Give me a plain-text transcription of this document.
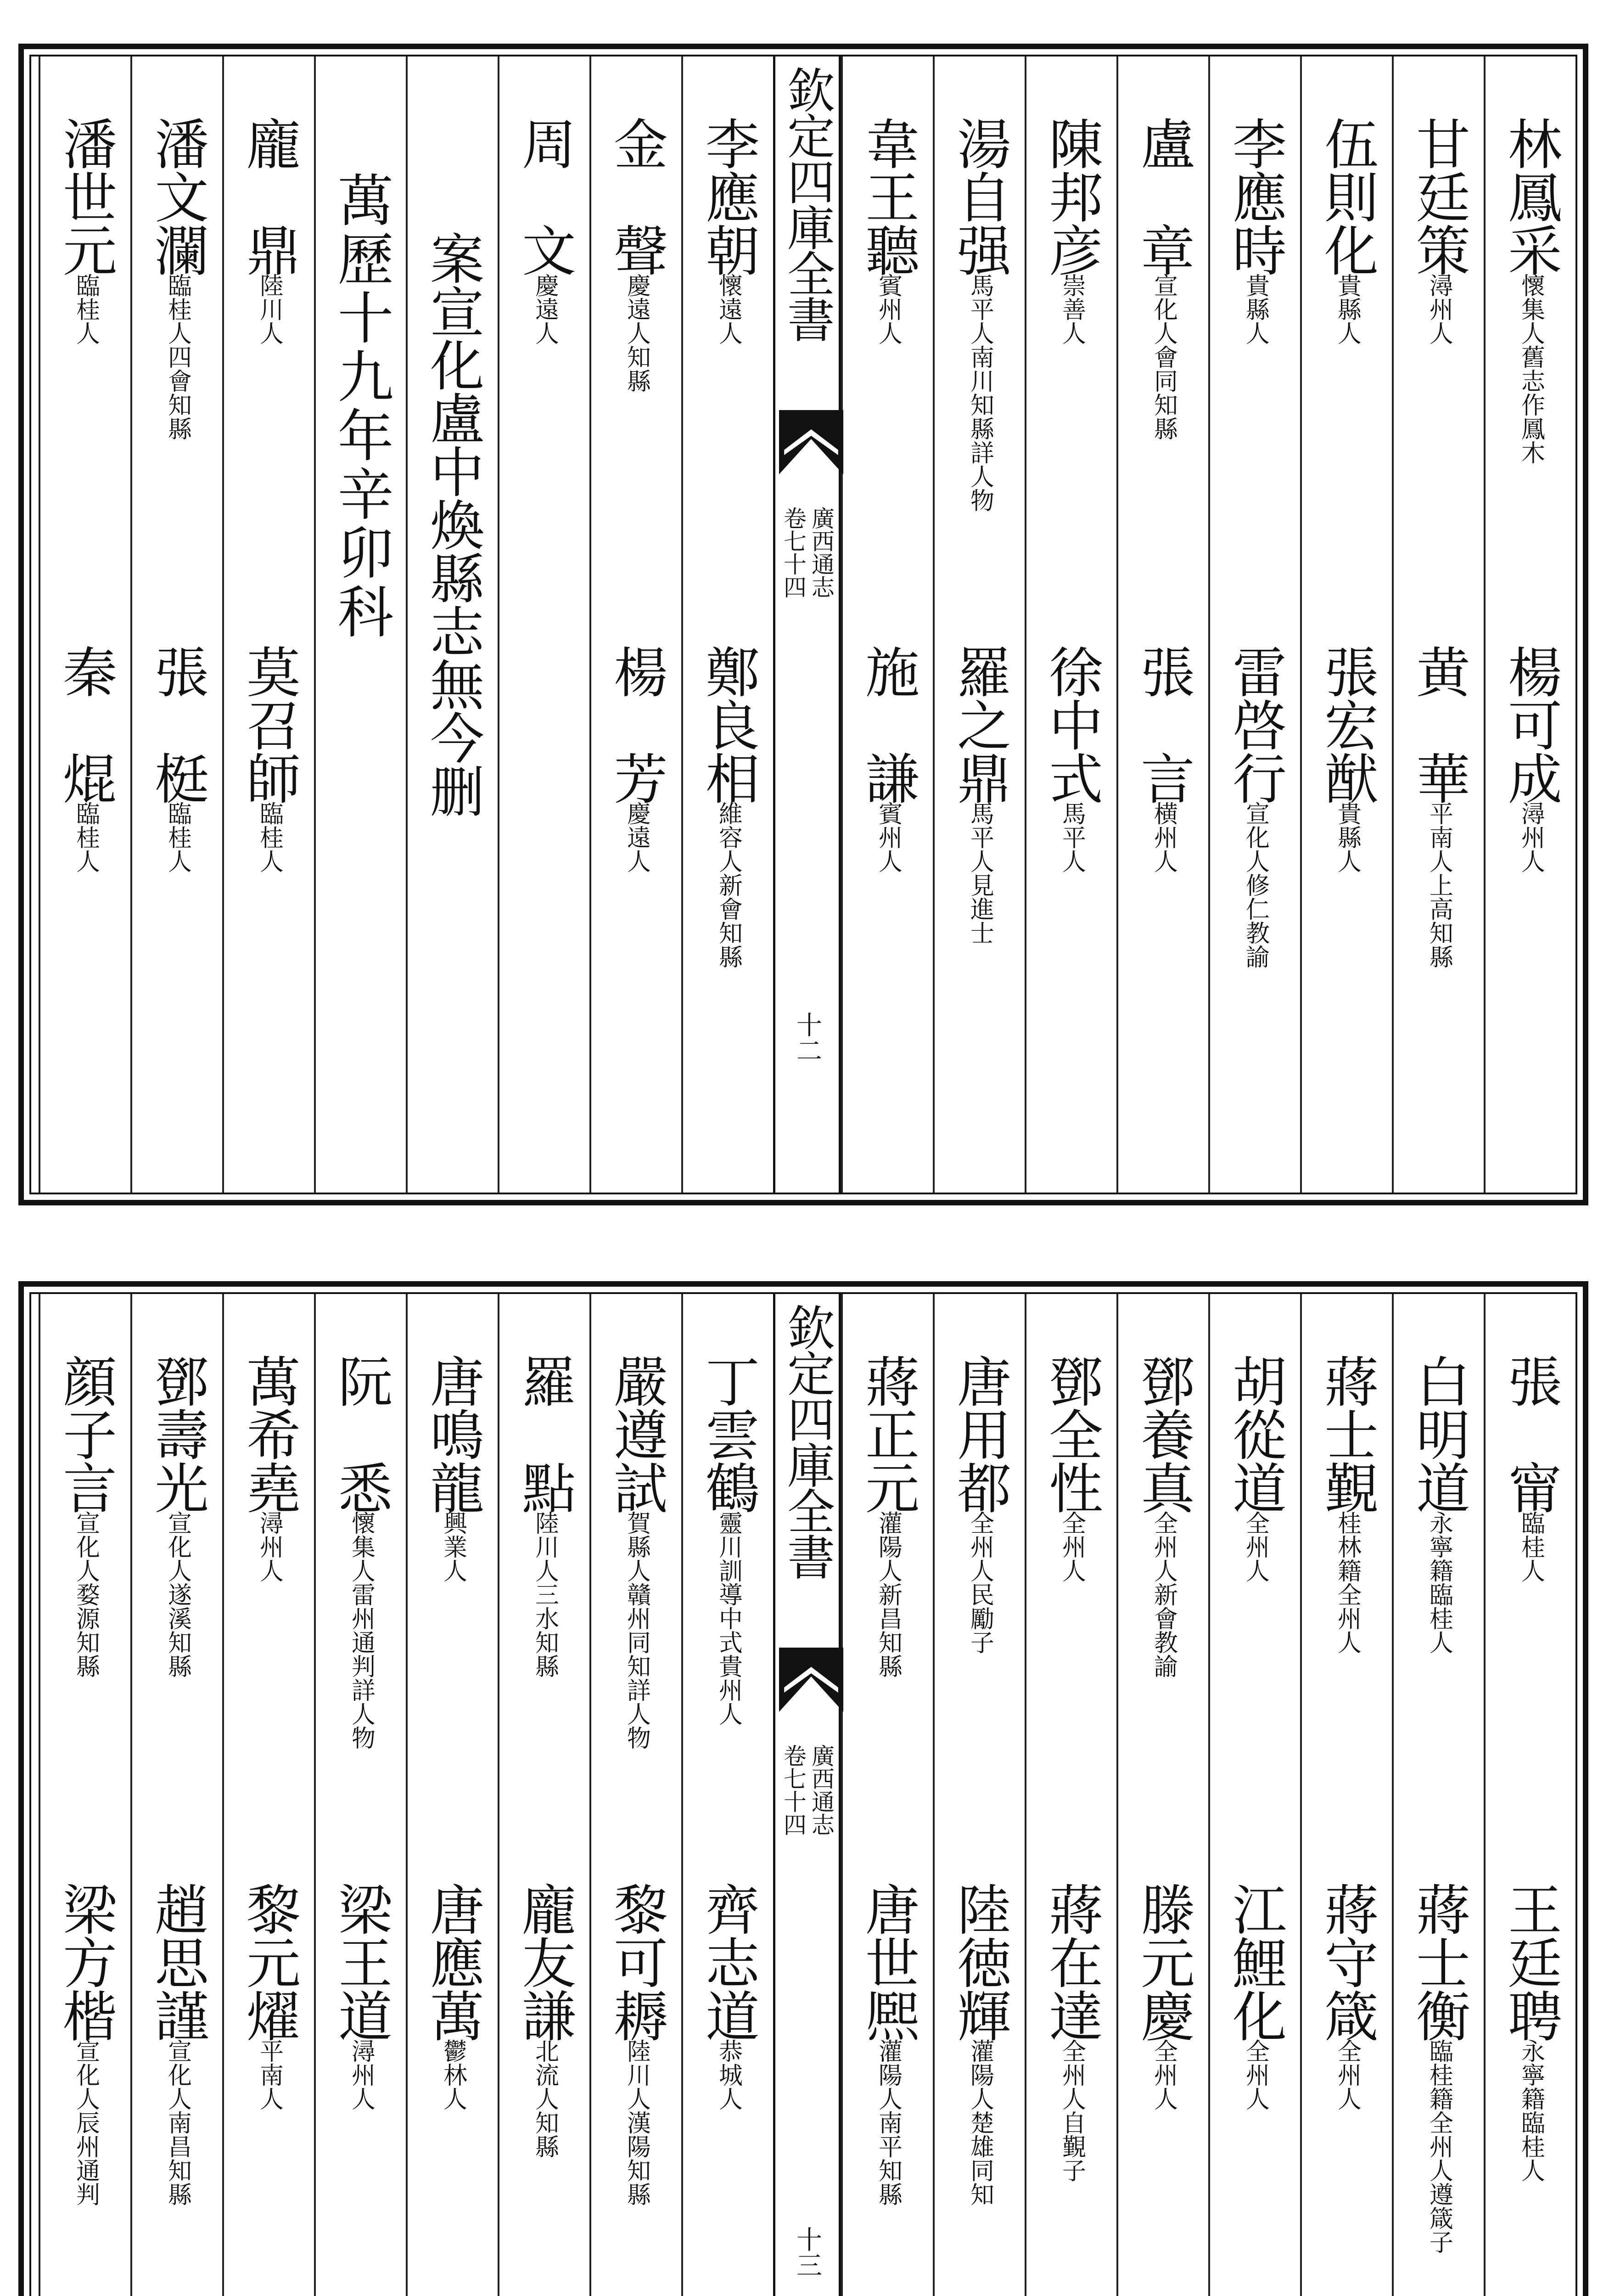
林鳳采
懷集人舊志作鳳木
楊可成
潯州人
甘廷策
潯州人
黄　華
平南人上高知縣
伍則化
貴縣人
張宏猷
貴縣人
李應時
貴縣人
雷啓行
宣化人修仁教諭
盧　章
宣化人會同知縣
張　言
横州人
陳邦彦
崇善人
徐中式
馬平人
湯自强
馬平人南川知縣詳人物
羅之鼎
馬平人見進士
韋王聽
賓州人
施　謙
賓州人
欽定四庫全書
卷七十四 廣西通志
十二
李應朝
懷遠人
鄭良相
維容人新會知縣
金　聲
慶遠人知縣
楊　芳
慶遠人
周　文
慶遠人
案宣化盧中煥縣志無今删
萬歷十九年辛卯科
龐　鼎
陸川人
莫召師
臨桂人
潘文瀾
臨桂人四會知縣
張　梃
臨桂人
潘世元
臨桂人
秦　焜
臨桂人
張　甯
臨桂人
王廷聘
永寧籍臨桂人
白明道
永寧籍臨桂人
蔣士衡
臨桂籍全州人遵箴子
蔣士覲
桂林籍全州人
蔣守箴
全州人
胡從道
全州人
江鯉化
全州人
鄧養真
全州人新會教諭
滕元慶
全州人
鄧全性
全州人
蔣在達
全州人自覲子
唐用都
全州人民勵子
陸徳輝
灌陽人楚雄同知
蔣正元
灌陽人新昌知縣
唐世熈
灌陽人南平知縣
欽定四庫全書
卷七十四 廣西通志
十三
丁雲鶴
靈川訓導中式貴州人
齊志道
恭城人
嚴遵試
賀縣人贛州同知詳人物
黎可耨
陸川人漢陽知縣
羅　點
陸川人三水知縣
龐友謙
北流人知縣
唐鳴龍
興業人
唐應萬
鬱林人
阮　悉
懷集人雷州通判詳人物
梁王道
潯州人
萬希堯
潯州人
黎元燿
平南人
鄧壽光
宣化人遂溪知縣
趙思謹
宣化人南昌知縣
顔子言
宣化人婺源知縣
梁方楷
宣化人辰州通判
